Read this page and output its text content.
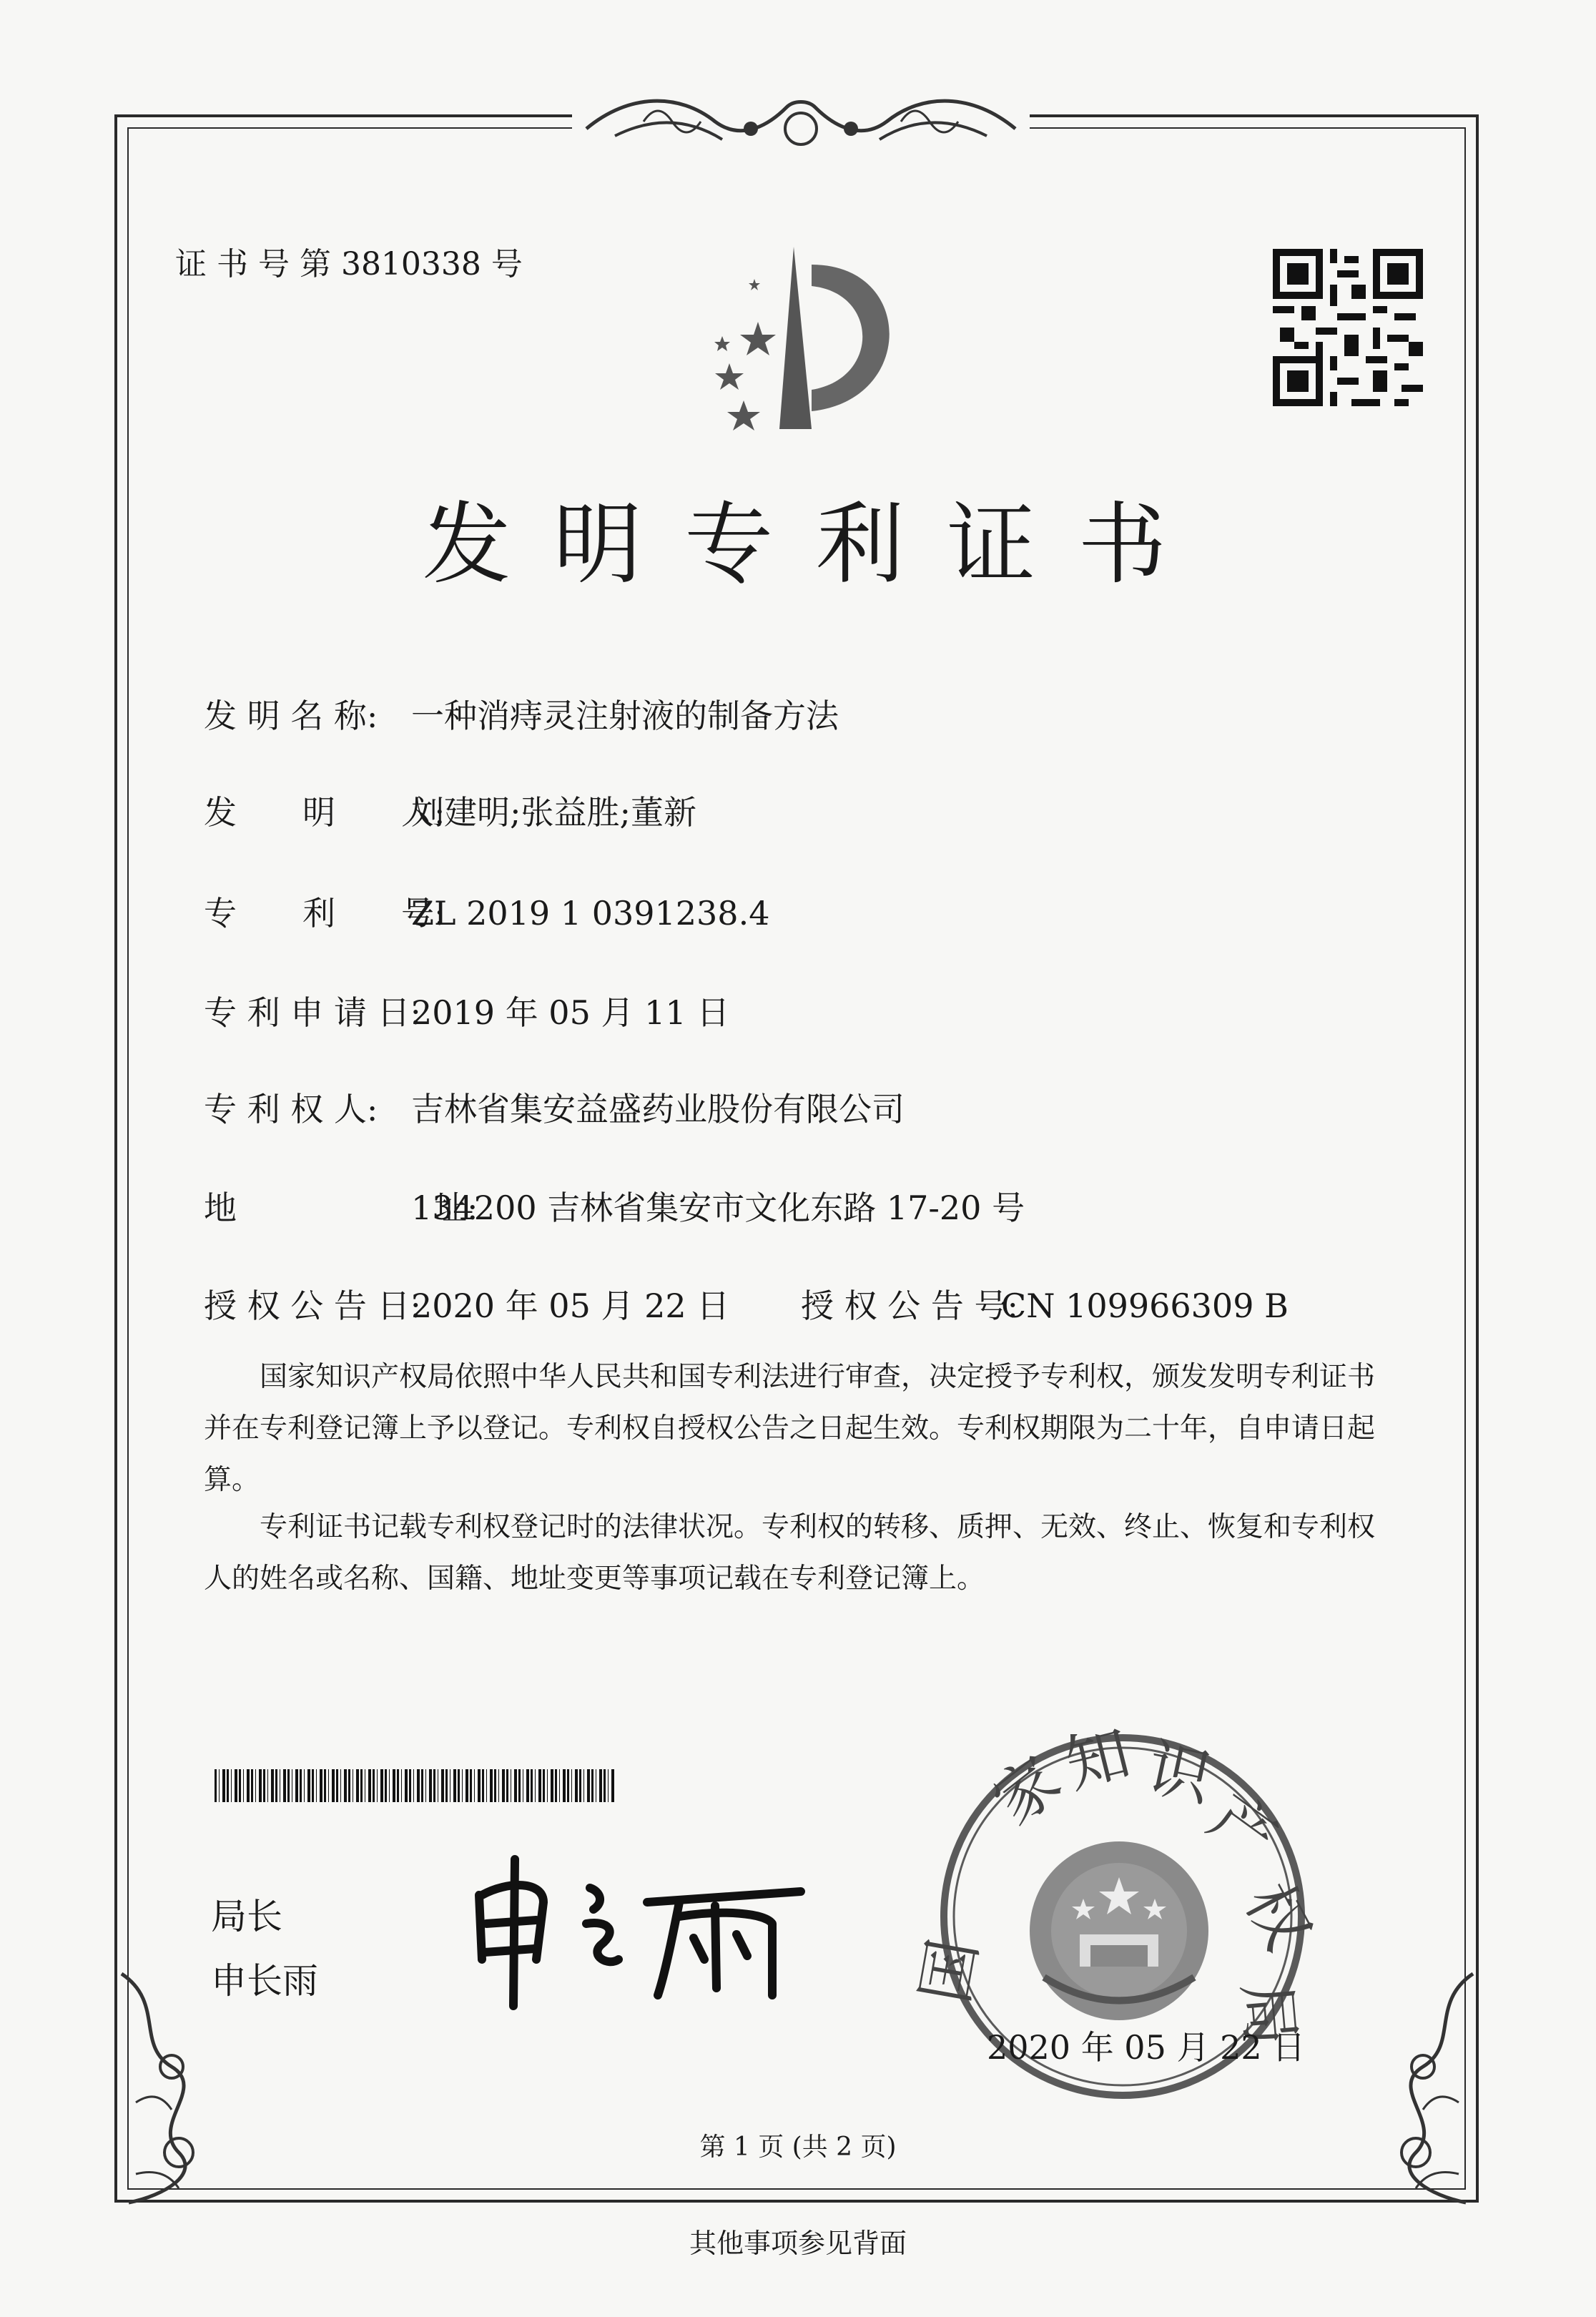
证 书 号 第 3810338 号
发 明 专 利 证 书
发 明 名 称: 一种消痔灵注射液的制备方法
发　　明　　人:
刘建明;张益胜;董新
专　　利　　号:
ZL 2019 1 0391238.4
专 利 申 请 日:
2019 年 05 月 11 日
专 利 权 人: 吉林省集安益盛药业股份有限公司
地　　　　　　址:
134200 吉林省集安市文化东路 17-20 号
授 权 公 告 日:
2020 年 05 月 22 日 授 权 公 告 号:
CN 109966309 B
国家知识产权局依照中华人民共和国专利法进行审查，决定授予专利权，颁发发明专利证书并在专利登记簿上予以登记。专利权自授权公告之日起生效。专利权期限为二十年，自申请日起算。
专利证书记载专利权登记时的法律状况。专利权的转移、质押、无效、终止、恢复和专利权人的姓名或名称、国籍、地址变更等事项记载在专利登记簿上。
局长
申长雨
家
知 识
产
权
局
国
2020 年 05 月 22 日
第 1 页 (共 2 页)
其他事项参见背面
